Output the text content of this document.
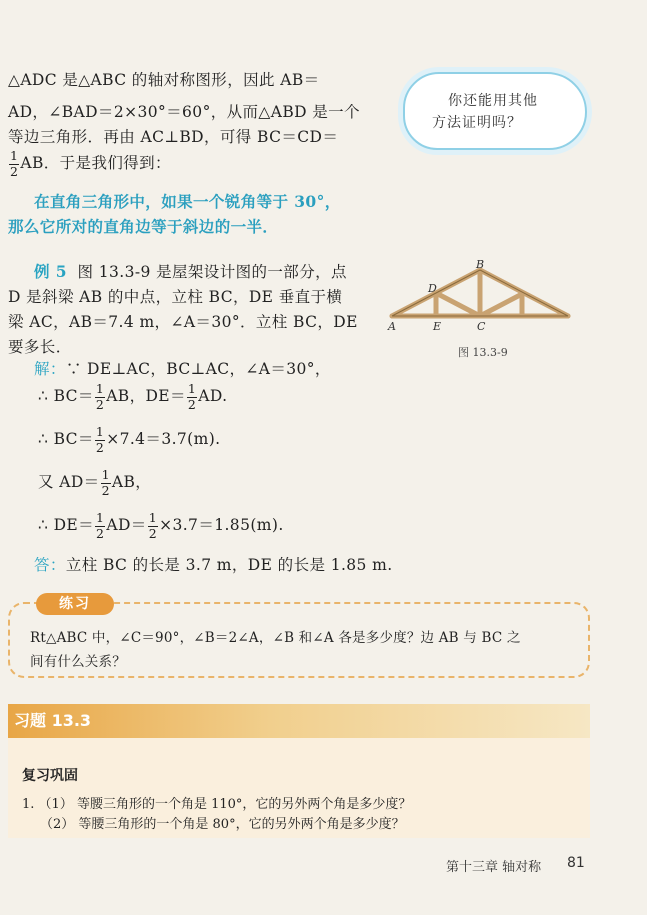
△ADC 是△ABC 的轴对称图形，因此 AB＝
AD，∠BAD＝2×30°＝60°，从而△ABD 是一个
等边三角形．再由 AC⊥BD，可得 BC＝CD＝
$\frac{1}{2}$ AB．于是我们得到：
你还能用其他
方法证明吗？
在直角三角形中，如果一个锐角等于 30°，
那么它所对的直角边等于斜边的一半．
例 5 图 13.3-9 是屋架设计图的一部分，点
D 是斜梁 AB 的中点，立柱 BC，DE 垂直于横
梁 AC，AB＝7.4 m，∠A＝30°．立柱 BC，DE
要多长．
B
D
A	E	C
图 13.3-9
解：∵ DE⊥AC，BC⊥AC，∠A＝30°，
∴ $BC= \frac{1}{2}$ AB，$DE= \frac{1}{2}$ AD.
∴ $BC= \frac{1}{2} \times 7.4=3.7(m)$.
又 $AD= \frac{1}{2}$ AB，
∴ $DE= \frac{1}{2} AD= \frac{1}{2} \times 3.7=1.85(m)$.
答：立柱 BC 的长是 3.7 m，DE 的长是 1.85 m.
练习
Rt△ABC 中，∠C＝90°，∠B＝2∠A，∠B 和∠A 各是多少度？边 AB 与 BC 之
间有什么关系？
习题 13.3
复习巩固
1. （1） 等腰三角形的一个角是 110°，它的另外两个角是多少度？
（2） 等腰三角形的一个角是 80°，它的另外两个角是多少度？
第十三章 轴对称 81
